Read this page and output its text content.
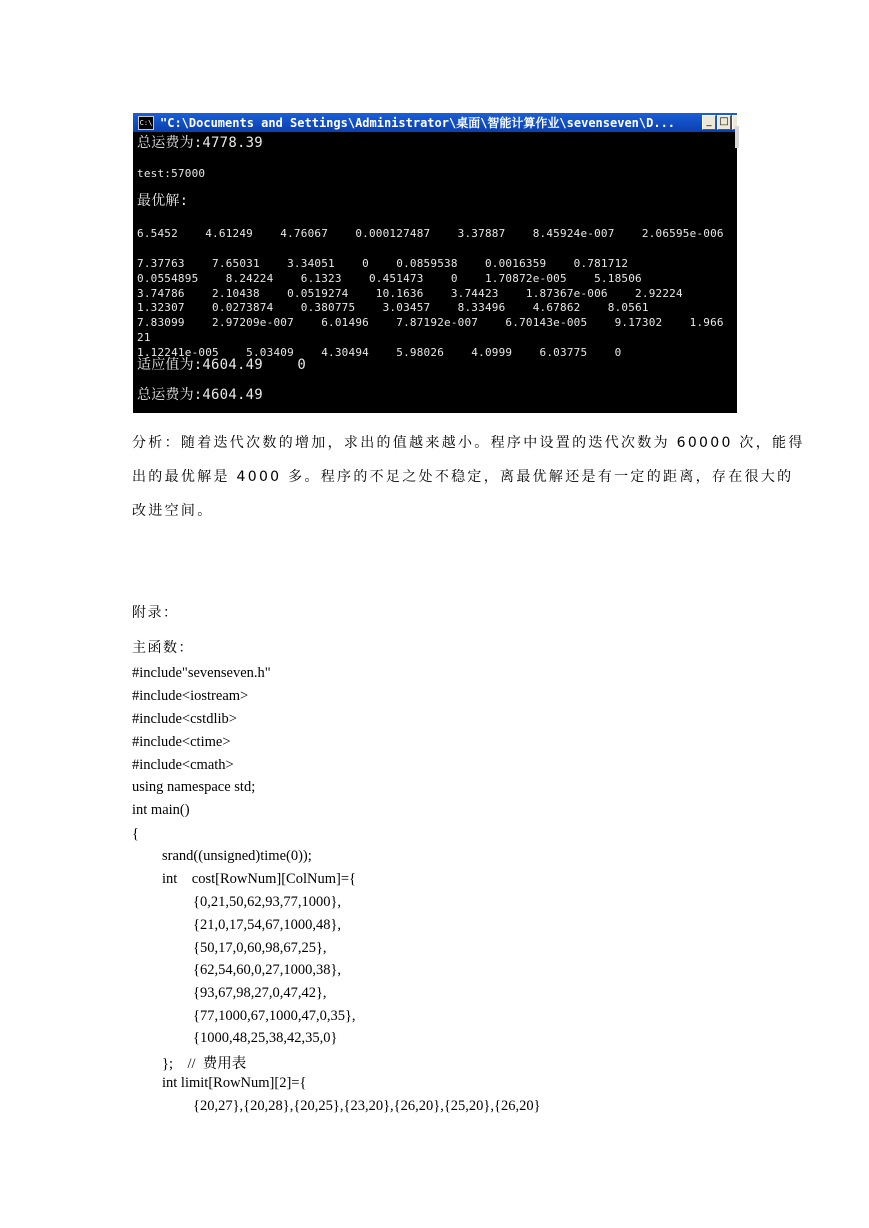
C:\ "C:\Documents and Settings\Administrator\桌面\智能计算作业\sevenseven\D...	_ □
总运费为:4778.39
test:57000
最优解:
6.5452    4.61249    4.76067    0.000127487    3.37887    8.45924e-007    2.06595e-006
7.37763    7.65031    3.34051    0    0.0859538    0.0016359    0.781712
0.0554895    8.24224    6.1323    0.451473    0    1.70872e-005    5.18506
3.74786    2.10438    0.0519274    10.1636    3.74423    1.87367e-006    2.92224
1.32307    0.0273874    0.380775    3.03457    8.33496    4.67862    8.0561
7.83099    2.97209e-007    6.01496    7.87192e-007    6.70143e-005    9.17302    1.966
21
1.12241e-005    5.03409    4.30494    5.98026    4.0999    6.03775    0
适应值为:4604.49    0
总运费为:4604.49
分析：随着迭代次数的增加，求出的值越来越小。程序中设置的迭代次数为 60000 次，能得
出的最优解是 4000 多。程序的不足之处不稳定，离最优解还是有一定的距离，存在很大的
改进空间。
附录：
主函数：
#include"sevenseven.h"
#include<iostream>
#include<cstdlib>
#include<ctime>
#include<cmath>
using namespace std;
int main()
{
srand((unsigned)time(0));
int    cost[RowNum][ColNum]={
{0,21,50,62,93,77,1000},
{21,0,17,54,67,1000,48},
{50,17,0,60,98,67,25},
{62,54,60,0,27,1000,38},
{93,67,98,27,0,47,42},
{77,1000,67,1000,47,0,35},
{1000,48,25,38,42,35,0}
};    //  费用表
int limit[RowNum][2]={
{20,27},{20,28},{20,25},{23,20},{26,20},{25,20},{26,20}
